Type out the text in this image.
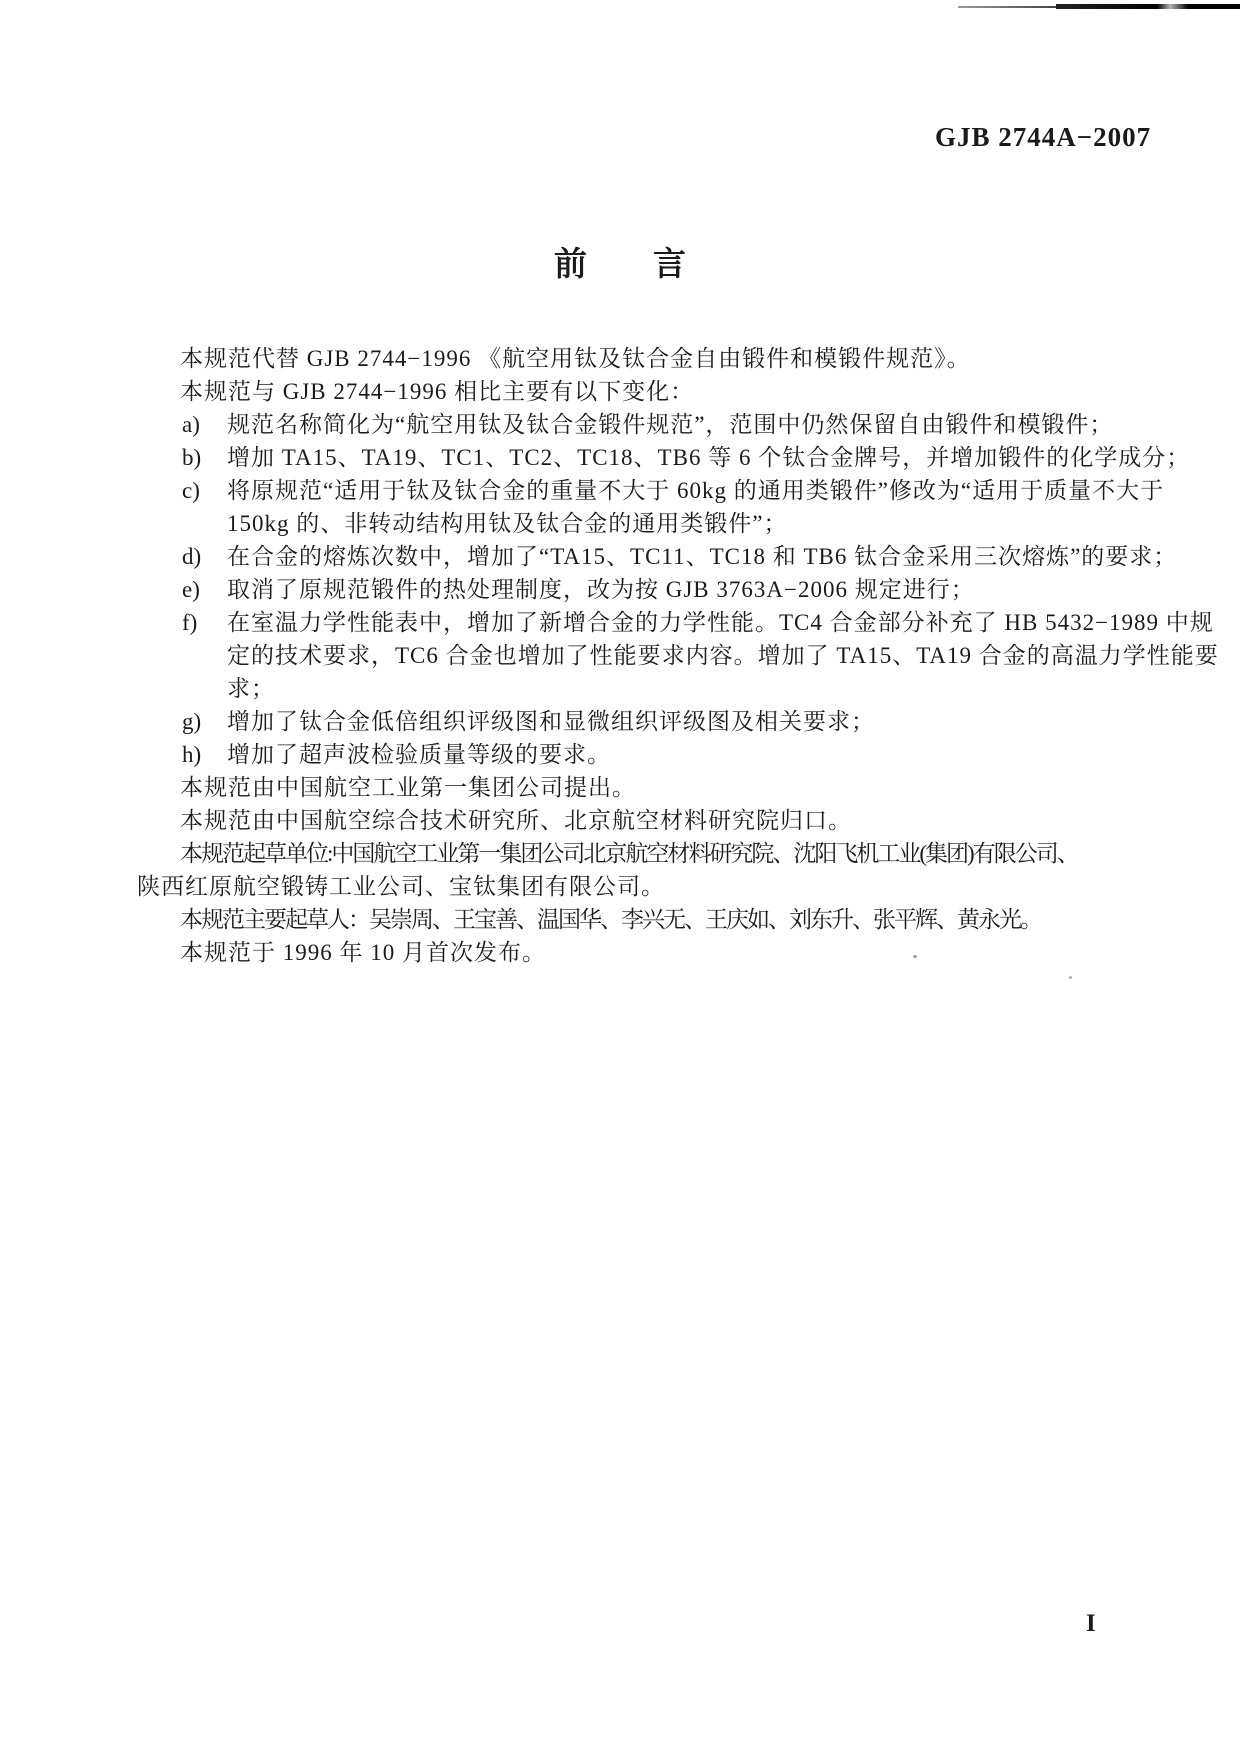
GJB 2744A−2007
前　　言
本规范代替 GJB 2744−1996 《航空用钛及钛合金自由锻件和模锻件规范》。
本规范与 GJB 2744−1996 相比主要有以下变化：
a) 规范名称简化为“航空用钛及钛合金锻件规范”，范围中仍然保留自由锻件和模锻件；
b) 增加 TA15、TA19、TC1、TC2、TC18、TB6 等 6 个钛合金牌号，并增加锻件的化学成分；
c) 将原规范“适用于钛及钛合金的重量不大于 60kg 的通用类锻件”修改为“适用于质量不大于
150kg 的、非转动结构用钛及钛合金的通用类锻件”；
d) 在合金的熔炼次数中，增加了“TA15、TC11、TC18 和 TB6 钛合金采用三次熔炼”的要求；
e) 取消了原规范锻件的热处理制度，改为按 GJB 3763A−2006 规定进行；
f) 在室温力学性能表中，增加了新增合金的力学性能。TC4 合金部分补充了 HB 5432−1989 中规
定的技术要求，TC6 合金也增加了性能要求内容。增加了 TA15、TA19 合金的高温力学性能要
求；
g) 增加了钛合金低倍组织评级图和显微组织评级图及相关要求；
h) 增加了超声波检验质量等级的要求。
本规范由中国航空工业第一集团公司提出。
本规范由中国航空综合技术研究所、北京航空材料研究院归口。
本规范起草单位:中国航空工业第一集团公司北京航空材料研究院、沈阳飞机工业(集团)有限公司、
陕西红原航空锻铸工业公司、宝钛集团有限公司。
本规范主要起草人：吴崇周、王宝善、温国华、李兴无、王庆如、刘东升、张平辉、黄永光。
本规范于 1996 年 10 月首次发布。
I
